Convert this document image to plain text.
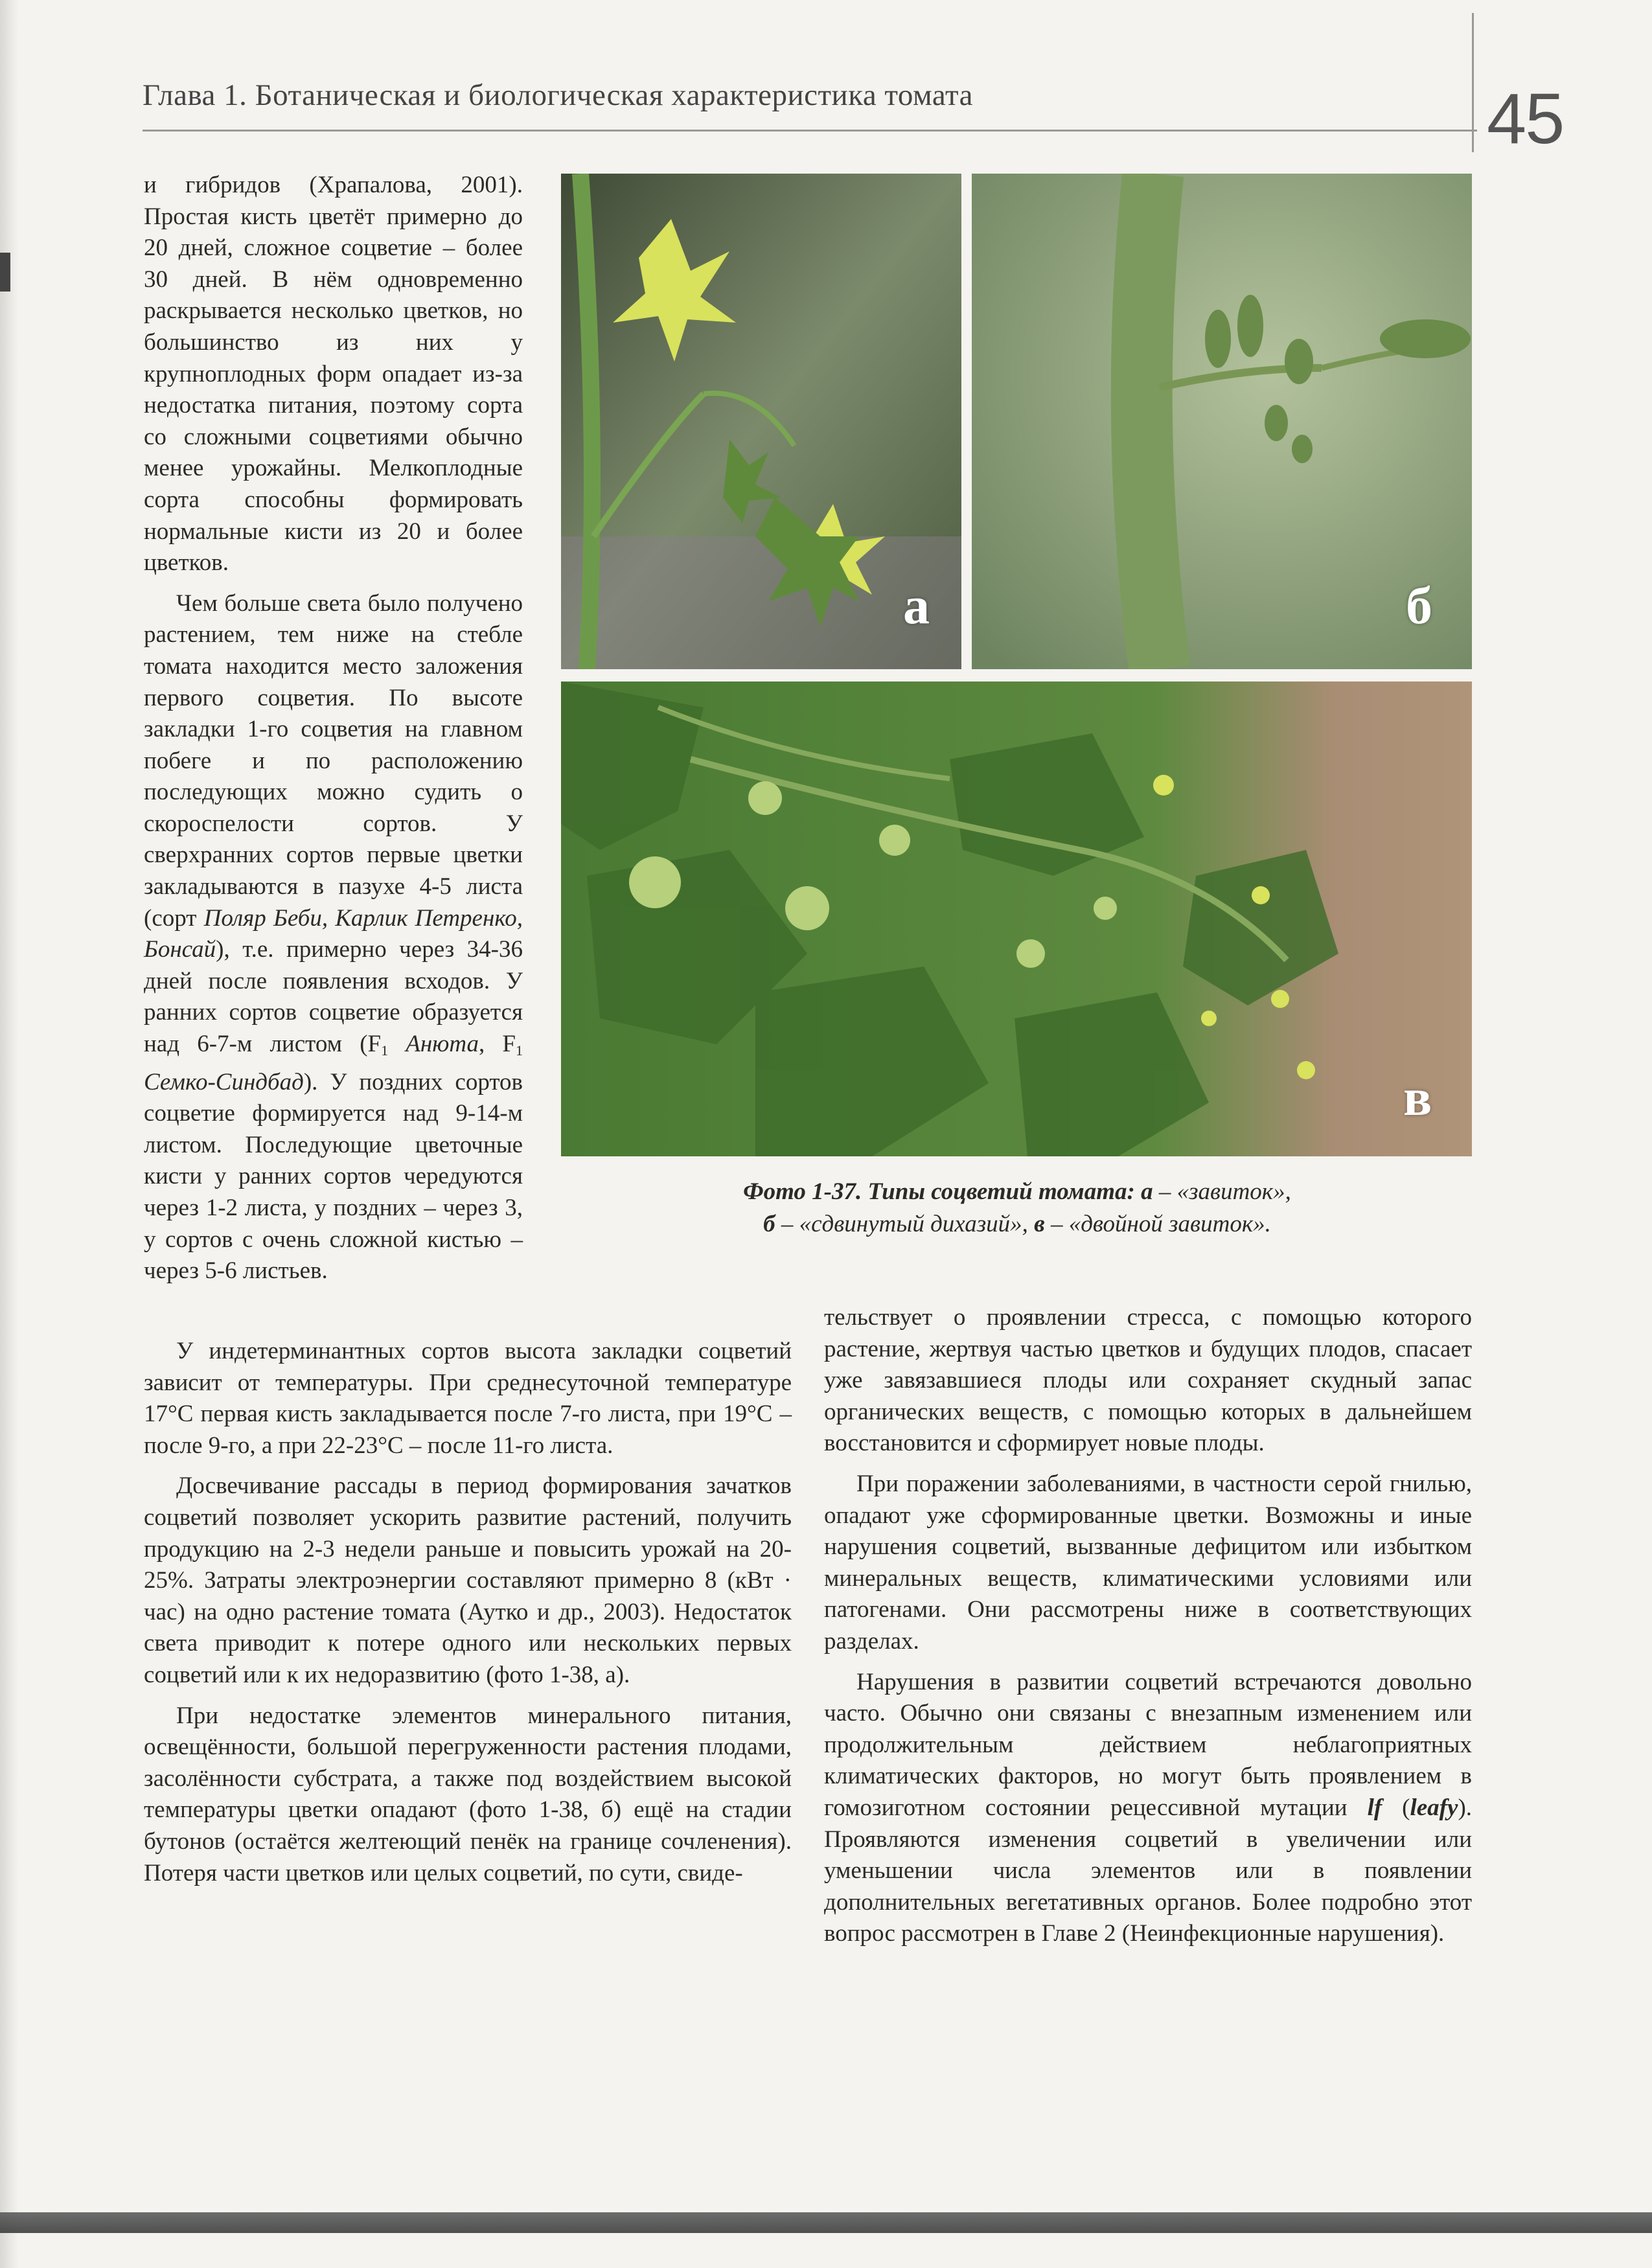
Глава 1. Ботаническая и биологическая характеристика томата	45

и гибридов (Храпалова, 2001). Простая кисть цветёт примерно до 20 дней, сложное соцветие – более 30 дней. В нём одновременно раскрывается несколько цветков, но большинство из них у крупноплодных форм опадает из-за недостатка питания, поэтому сорта со сложными соцветиями обычно менее урожайны. Мелкоплодные сорта способны формировать нормальные кисти из 20 и более цветков.

Чем больше света было получено растением, тем ниже на стебле томата находится место заложения первого соцветия. По высоте закладки 1-го соцветия на главном побеге и по расположению последующих можно судить о скороспелости сортов. У сверхранних сортов первые цветки закладываются в пазухе 4-5 листа (сорт Поляр Беби, Карлик Петренко, Бонсай), т.е. примерно через 34-36 дней после появления всходов. У ранних сортов соцветие образуется над 6-7-м листом ($F_1$ Анюта, $F_1$ Семко-Синдбад). У поздних сортов соцветие формируется над 9-14-м листом. Последующие цветочные кисти у ранних сортов чередуются через 1-2 листа, у поздних – через 3, у сортов с очень сложной кистью – через 5-6 листьев.

а	б
в
Фото 1-37. Типы соцветий томата: а – «завиток»,
б – «сдвинутый дихазий», в – «двойной завиток».

У индетерминантных сортов высота закладки соцветий зависит от температуры. При среднесуточной температуре 17°С первая кисть закладывается после 7-го листа, при 19°С – после 9-го, а при 22-23°С – после 11-го листа.

Досвечивание рассады в период формирования зачатков соцветий позволяет ускорить развитие растений, получить продукцию на 2-3 недели раньше и повысить урожай на 20-25%. Затраты электроэнергии составляют примерно 8 (кВт · час) на одно растение томата (Аутко и др., 2003). Недостаток света приводит к потере одного или нескольких первых соцветий или к их недоразвитию (фото 1-38, а).

При недостатке элементов минерального питания, освещённости, большой перегруженности растения плодами, засолённости субстрата, а также под воздействием высокой температуры цветки опадают (фото 1-38, б) ещё на стадии бутонов (остаётся желтеющий пенёк на границе сочленения). Потеря части цветков или целых соцветий, по сути, свиде-

тельствует о проявлении стресса, с помощью которого растение, жертвуя частью цветков и будущих плодов, спасает уже завязавшиеся плоды или сохраняет скудный запас органических веществ, с помощью которых в дальнейшем восстановится и сформирует новые плоды.

При поражении заболеваниями, в частности серой гнилью, опадают уже сформированные цветки. Возможны и иные нарушения соцветий, вызванные дефицитом или избытком минеральных веществ, климатическими условиями или патогенами. Они рассмотрены ниже в соответствующих разделах.

Нарушения в развитии соцветий встречаются довольно часто. Обычно они связаны с внезапным изменением или продолжительным действием неблагоприятных климатических факторов, но могут быть проявлением в гомозиготном состоянии рецессивной мутации lf (leafy). Проявляются изменения соцветий в увеличении или уменьшении числа элементов или в появлении дополнительных вегетативных органов. Более подробно этот вопрос рассмотрен в Главе 2 (Неинфекционные нарушения).
